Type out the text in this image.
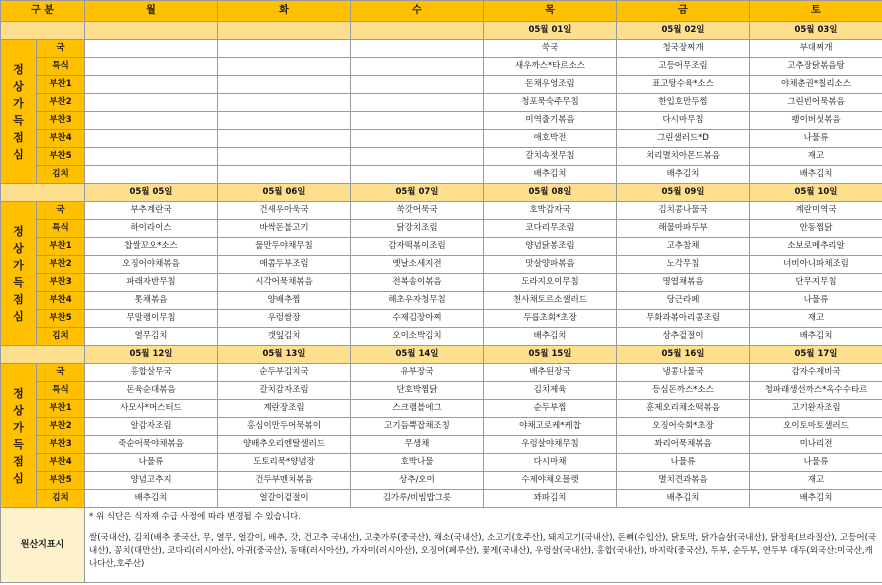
구 분		월	화	수	목	금	토
					05월 01일	05월 02일	05월 03일
정상가득점심	국				쑥국	청국장찌개	부대찌개
	특식				새우까스*타르소스	고등어무조림	고추장닭볶음탕
	부찬1				돈채우엉조림	표고탕수육*소스	야채춘권*칠리소스
	부찬2				청포묵숙주무침	한입호만두찜	그린빈어묵볶음
	부찬3				미역줄기볶음	다시마무침	팽이버섯볶음
	부찬4				애호박전	그린샐러드*D	나물류
	부찬5				갈치속젓무침	치리멸치아몬드볶음	재고
	김치				배추김치	배추김치	배추김치
		05월 05일	05월 06일	05월 07일	05월 08일	05월 09일	05월 10일
정상가득점심	국	부추계란국	건새우아욱국	쑥갓어묵국	호박감자국	김치콩나물국	계란미역국
	특식	하이라이스	바싹돈불고기	닭강치조림	코다리무조림	해물마파두부	안동찜닭
	부찬1	찹쌀꼬오*소스	물만두야채무침	감자떡볶이조림	양념닭봉조림	고추참채	소보로메추리알
	부찬2	오징어야채볶음	매콤두부조림	옛날소세지전	맛살양파볶음	노각무침	너비아니파채조림
	부찬3	파래자반무침	시각어묵채볶음	전복송이볶음	도라지오이무침	명엽채볶음	단무지무침
	부찬4	톳채볶음	양배추찜	해초우자청무침	천사채토르소샐러드	당근라페	나물류
	부찬5	무말랭이무침	우렁쌈장	수제김장아찌	두릅초회*초장	무화과볶아리콩조림	재고
	김치	열무김치	갯잎김치	오이소박김치	배추김치	상추겉절이	배추김치
		05월 12일	05월 13일	05월 14일	05월 15일	05월 16일	05월 17일
정상가득점심	국	홍합살무국	순두부김치국	유부장국	배추된장국	냉콩나물국	감자수제비국
	특식	돈육순대볶음	갈치감자조림	단호박찜닭	김치제육	등심돈까스*소스	청파래생선까스*옥수수타르
	부찬1	사모사*머스터드	계란장조림	스크램블에그	순두부찜	훈제오리채소떡볶음	고기완자조림
	부찬2	알감자조림	홍심이만두어묵볶이	고기듬뿍잡채조칭	야채고로케*케찹	오징어숙회*초장	오이토마토샐러드
	부찬3	죽순어묵야채볶음	양배추오리엔탈샐러드	무생채	우렁살야채무침	꽈리어묵채볶음	미나리전
	부찬4	나물류	도토리묵*양념장	호박나물	다시마채	나물류	나물류
	부찬5	양념고추지	건두부멘치볶음	상추/오이	수제야채오믈렛	멸치견과볶음	재고
	김치	배추김치	얼갈이겉절이	김가루/비빔밥그릇	꽈파김치	배추김치	배추김치
원산지표시		* 위 식단은 식자재 수급 사정에 따라 변경될 수 있습니다.
쌀(국내산), 김치(배추 중국산, 무, 열무, 얼갈이, 배추, 갓, 건고추 국내산), 고춧가루(중국산), 채소(국내산), 소고기(호주산), 돼지고기(국내산), 돈뼈(수입산), 닭토막, 닭가슴살(국내산), 닭정육(브라질산), 고등어(국내산), 꽁치(대만산), 코다리(러시아산), 아귀(중국산), 동태(러시아산), 가자미(러시아산), 오징어(페루산), 꽃게(국내산), 우렁살(국내산), 홍합(국내산), 바지락(중국산), 두부, 순두부, 연두부 대두(외국산:미국산,캐나다산,호주산)					
